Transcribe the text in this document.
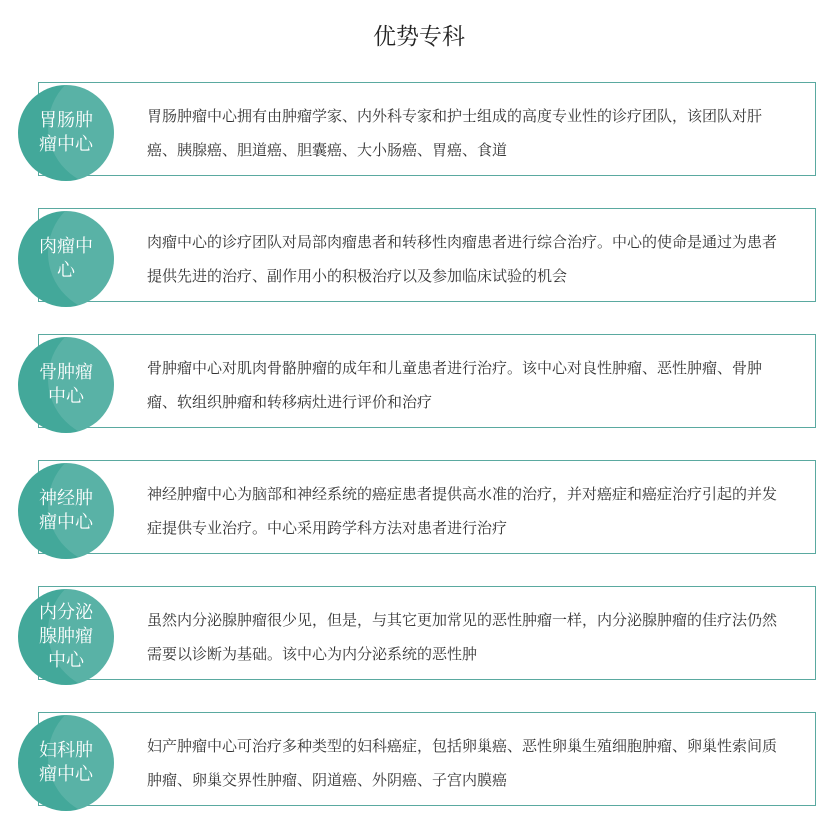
优势专科
胃肠肿瘤中心拥有由肿瘤学家、内外科专家和护士组成的高度专业性的诊疗团队，该团队对肝癌、胰腺癌、胆道癌、胆囊癌、大小肠癌、胃癌、食道
胃肠肿瘤中心
肉瘤中心的诊疗团队对局部肉瘤患者和转移性肉瘤患者进行综合治疗。中心的使命是通过为患者提供先进的治疗、副作用小的积极治疗以及参加临床试验的机会
肉瘤中心
骨肿瘤中心对肌肉骨骼肿瘤的成年和儿童患者进行治疗。该中心对良性肿瘤、恶性肿瘤、骨肿瘤、软组织肿瘤和转移病灶进行评价和治疗
骨肿瘤中心
神经肿瘤中心为脑部和神经系统的癌症患者提供高水准的治疗，并对癌症和癌症治疗引起的并发症提供专业治疗。中心采用跨学科方法对患者进行治疗
神经肿瘤中心
虽然内分泌腺肿瘤很少见，但是，与其它更加常见的恶性肿瘤一样，内分泌腺肿瘤的佳疗法仍然需要以诊断为基础。该中心为内分泌系统的恶性肿
内分泌腺肿瘤中心
妇产肿瘤中心可治疗多种类型的妇科癌症，包括卵巢癌、恶性卵巢生殖细胞肿瘤、卵巢性索间质肿瘤、卵巢交界性肿瘤、阴道癌、外阴癌、子宫内膜癌
妇科肿瘤中心
